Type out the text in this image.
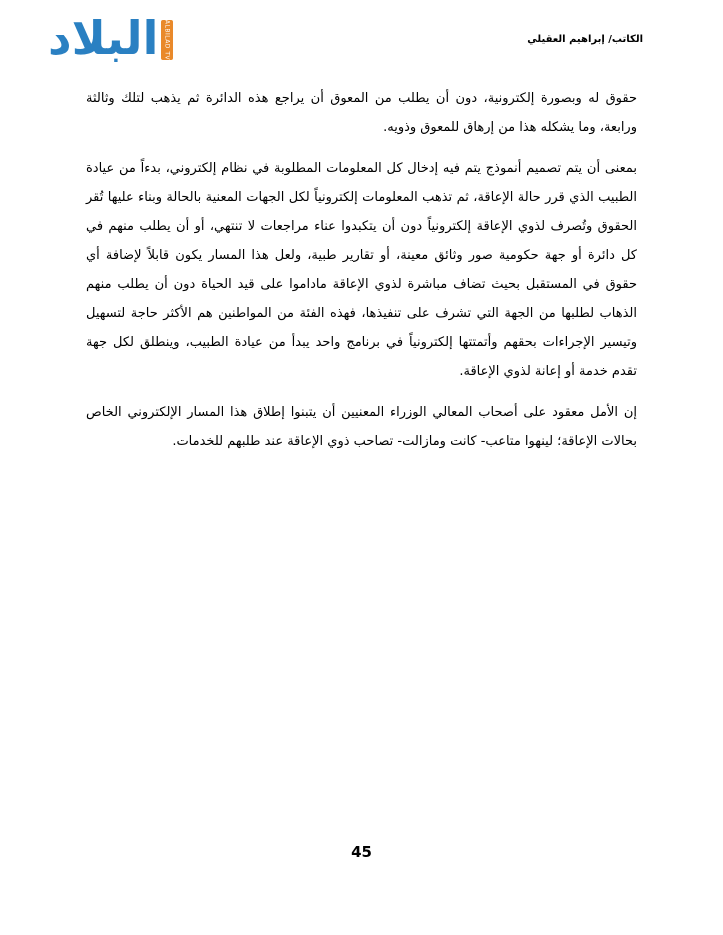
البلاد ALBILAD TV	الكاتب/ إبراهيم العقيلي

حقوق له وبصورة إلكترونية، دون أن يطلب من المعوق أن يراجع هذه الدائرة ثم يذهب لتلك وثالثة ورابعة، وما يشكله هذا من إرهاق للمعوق وذويه.

بمعنى أن يتم تصميم أنموذج يتم فيه إدخال كل المعلومات المطلوبة في نظام إلكتروني، بدءاً من عيادة الطبيب الذي قرر حالة الإعاقة، ثم تذهب المعلومات إلكترونياً لكل الجهات المعنية بالحالة وبناء عليها تُقر الحقوق وتُصرف لذوي الإعاقة إلكترونياً دون أن يتكبدوا عناء مراجعات لا تنتهي، أو أن يطلب منهم في كل دائرة أو جهة حكومية صور وثائق معينة، أو تقارير طبية، ولعل هذا المسار يكون قابلاً لإضافة أي حقوق في المستقبل بحيث تضاف مباشرة لذوي الإعاقة ماداموا على قيد الحياة دون أن يطلب منهم الذهاب لطلبها من الجهة التي تشرف على تنفيذها، فهذه الفئة من المواطنين هم الأكثر حاجة لتسهيل وتيسير الإجراءات بحقهم وأتمتتها إلكترونياً في برنامج واحد يبدأ من عيادة الطبيب، وينطلق لكل جهة تقدم خدمة أو إعانة لذوي الإعاقة.

إن الأمل معقود على أصحاب المعالي الوزراء المعنيين أن يتبنوا إطلاق هذا المسار الإلكتروني الخاص بحالات الإعاقة؛ لينهوا متاعب- كانت ومازالت- تصاحب ذوي الإعاقة عند طلبهم للخدمات.

45
